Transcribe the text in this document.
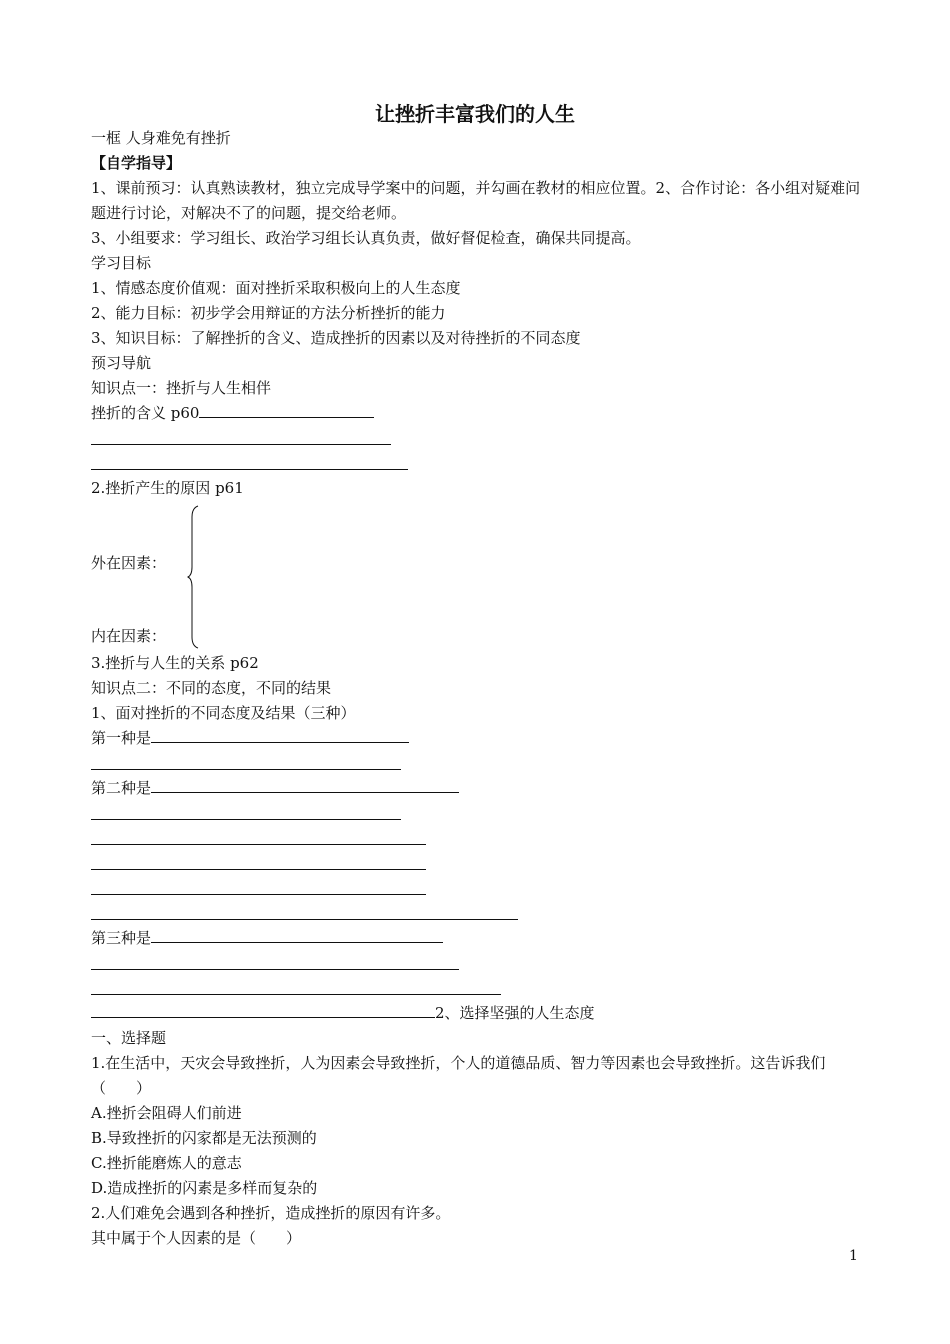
让挫折丰富我们的人生
一框 人身难免有挫折
【自学指导】
1、课前预习：认真熟读教材，独立完成导学案中的问题，并勾画在教材的相应位置。2、合作讨论：各小组对疑难问题进行讨论，对解决不了的问题，提交给老师。
3、小组要求：学习组长、政治学习组长认真负责，做好督促检查，确保共同提高。
学习目标
1、情感态度价值观：面对挫折采取积极向上的人生态度
2、能力目标：初步学会用辩证的方法分析挫折的能力
3、知识目标：了解挫折的含义、造成挫折的因素以及对待挫折的不同态度
预习导航
知识点一：挫折与人生相伴
挫折的含义 p60
2.挫折产生的原因 p61
外在因素：
内在因素：
3.挫折与人生的关系 p62
知识点二：不同的态度，不同的结果
1、面对挫折的不同态度及结果（三种）
第一种是
第二种是
第三种是
2、选择坚强的人生态度
一、选择题
1.在生活中，天灾会导致挫折，人为因素会导致挫折，个人的道德品质、智力等因素也会导致挫折。这告诉我们（　　）
A.挫折会阻碍人们前进
B.导致挫折的闪家都是无法预测的
C.挫折能磨炼人的意志
D.造成挫折的闪素是多样而复杂的
2.人们难免会遇到各种挫折，造成挫折的原因有许多。
其中属于个人因素的是（　　）
1
